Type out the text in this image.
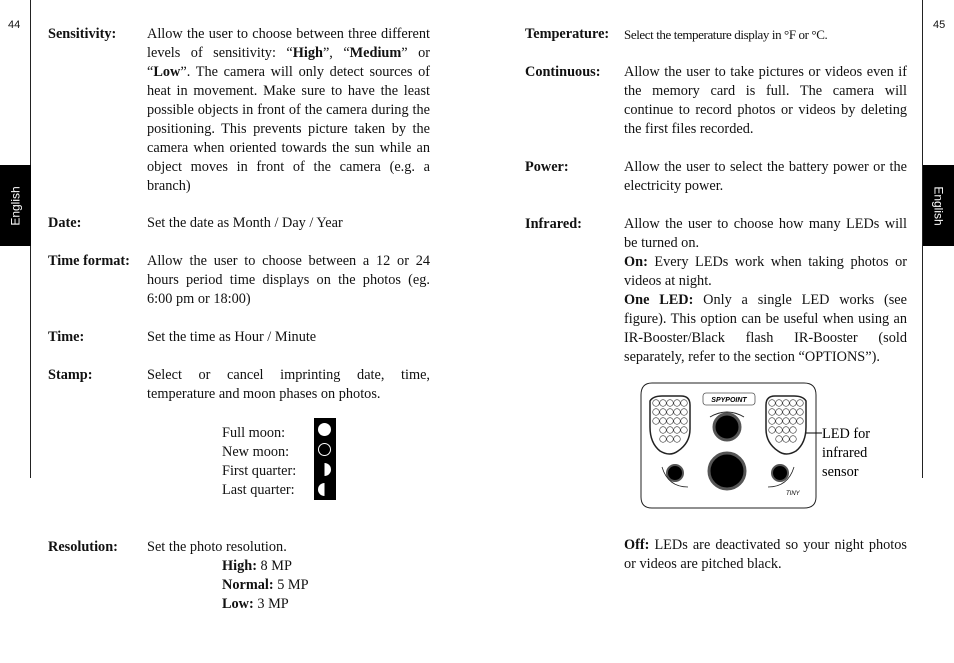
44	45
English	English
Sensitivity: Allow the user to choose between three different levels of sensitivity: “High”, “Medium” or “Low”. The camera will only detect sources of heat in movement. Make sure to have the least possible objects in front of the camera during the positioning. This prevents picture taken by the camera when oriented towards the sun while an object moves in front of the camera (e.g. a branch)
Date:	Set the date as Month / Day / Year
Time format: Allow the user to choose between a 12 or 24 hours period time displays on the photos (eg. 6:00 pm or 18:00)
Time:	Set the time as Hour / Minute
Stamp:	Select or cancel imprinting date, time, temperature and moon phases on photos.
Full moon:
New moon:
First quarter:
Last quarter:
Resolution: Set the photo resolution.
High: 8 MP
Normal: 5 MP
Low: 3 MP
Temperature: Select the temperature display in °F or °C.
Continuous: Allow the user to take pictures or videos even if the memory card is full. The camera will continue to record photos or videos by deleting the first files recorded.
Power:	Allow the user to select the battery power or the electricity power.
Infrared:	Allow the user to choose how many LEDs will be turned on.
On: Every LEDs work when taking photos or videos at night.
One LED: Only a single LED works (see figure). This option can be useful when using an IR-Booster/Black flash IR-Booster (sold separately, refer to the section “OPTIONS”).
SPYPOINT
TINY
LED for
infrared
sensor
Off: LEDs are deactivated so your night photos or videos are pitched black.
